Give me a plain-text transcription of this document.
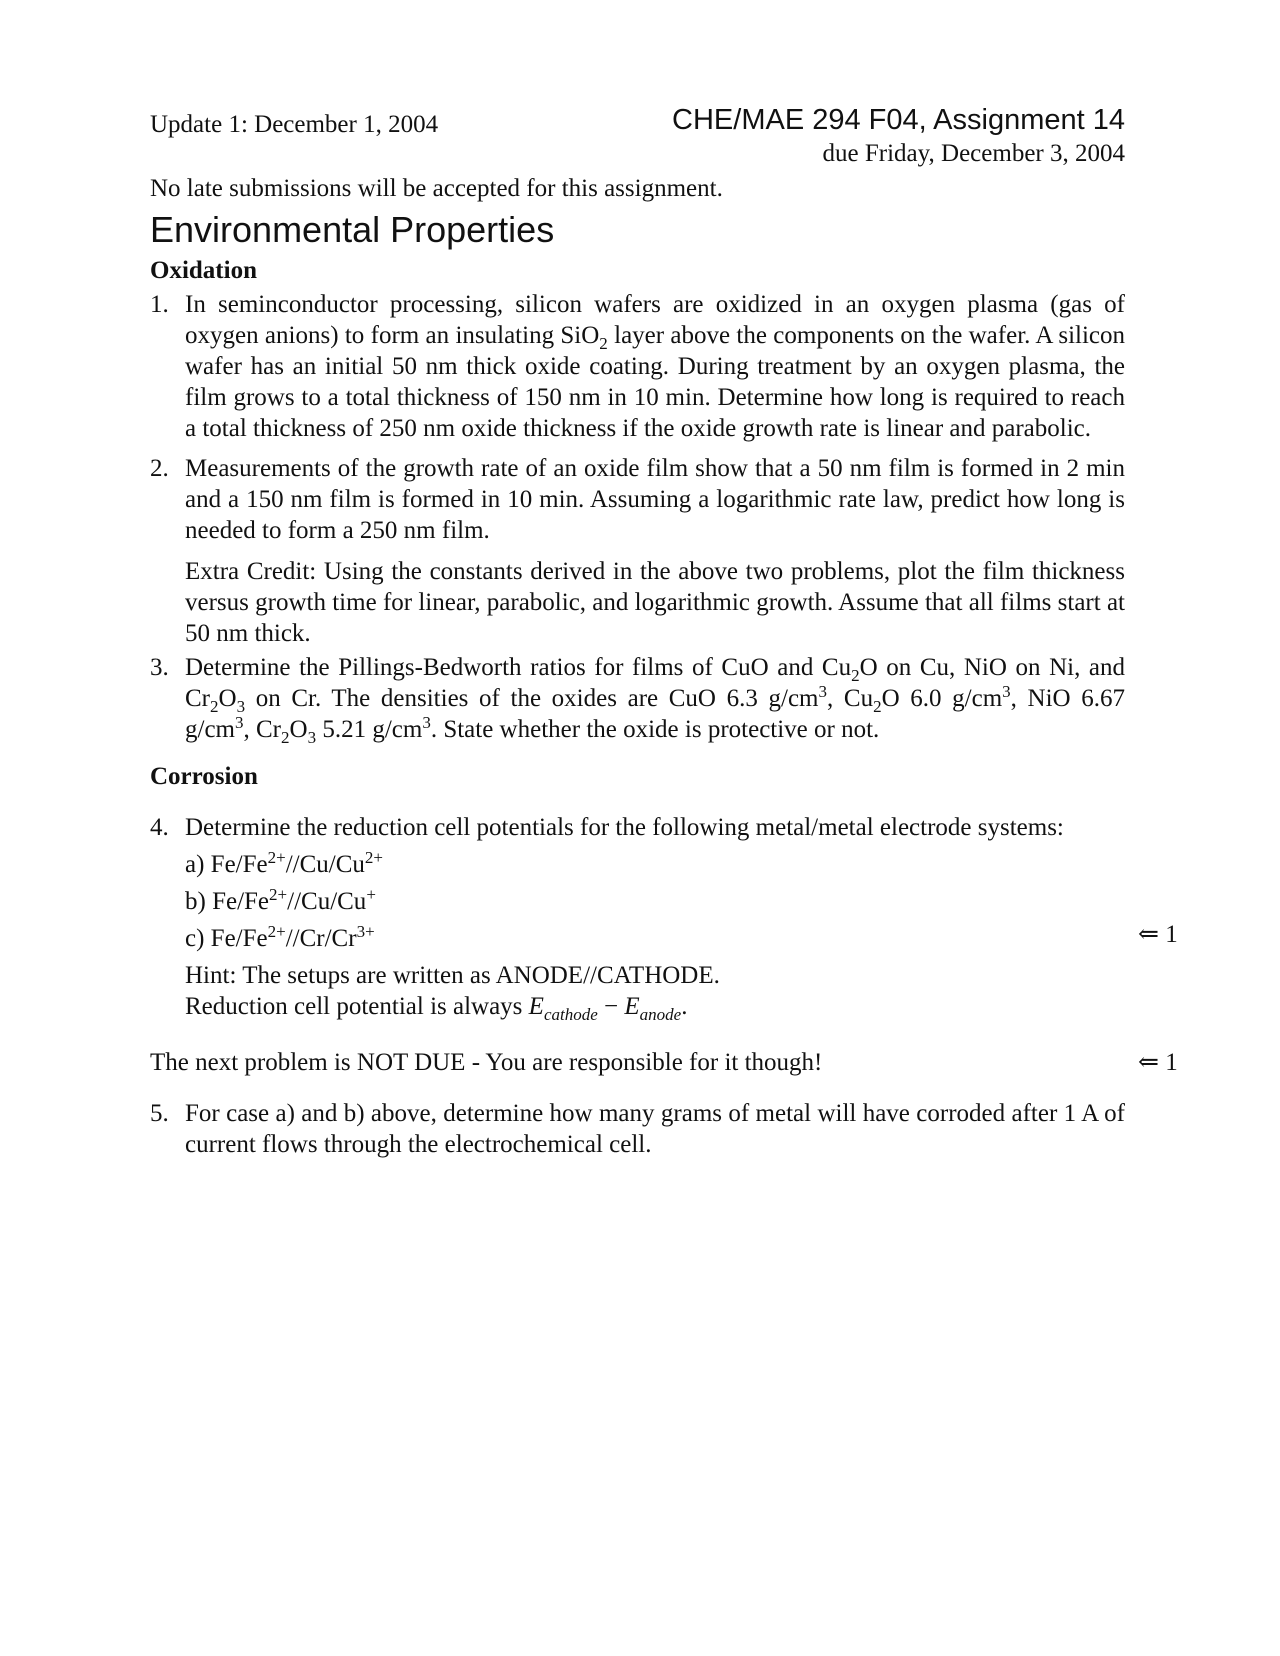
Update 1: December 1, 2004	CHE/MAE 294 F04, Assignment 14
due Friday, December 3, 2004
No late submissions will be accepted for this assignment.
Environmental Properties
Oxidation
1. In seminconductor processing, silicon wafers are oxidized in an oxygen plasma (gas of oxygen anions) to form an insulating SiO$_2$ layer above the components on the wafer. A silicon wafer has an initial 50 nm thick oxide coating. During treatment by an oxygen plasma, the film grows to a total thickness of 150 nm in 10 min. Determine how long is required to reach a total thickness of 250 nm oxide thickness if the oxide growth rate is linear and parabolic.
2. Measurements of the growth rate of an oxide film show that a 50 nm film is formed in 2 min and a 150 nm film is formed in 10 min. Assuming a logarithmic rate law, predict how long is needed to form a 250 nm film.

Extra Credit: Using the constants derived in the above two problems, plot the film thickness versus growth time for linear, parabolic, and logarithmic growth. Assume that all films start at 50 nm thick.

3. Determine the Pillings-Bedworth ratios for films of CuO and $Cu_2O$ on Cu, NiO on Ni, and $Cr_2O_3$ on Cr. The densities of the oxides are CuO 6.3 $g/cm^3$, $Cu_2O$ 6.0 $g/cm^3$, NiO 6.67 $g/cm^3$, $Cr_2O_3$ 5.21 $g/cm^3$. State whether the oxide is protective or not.
Corrosion
4. Determine the reduction cell potentials for the following metal/metal electrode systems:

a) $Fe/Fe^{2+}//Cu/Cu^{2+}$

b) $Fe/Fe^{2+}//Cu/Cu^+$

c) $Fe/Fe^{2+}//Cr/Cr^{3+}$

Hint: The setups are written as ANODE//CATHODE.

Reduction cell potential is always $E_{cathode} - E_{anode}$.

The next problem is NOT DUE - You are responsible for it though!
5. For case a) and b) above, determine how many grams of metal will have corroded after 1 A of current flows through the electrochemical cell.
⇐ 1
⇐ 1
